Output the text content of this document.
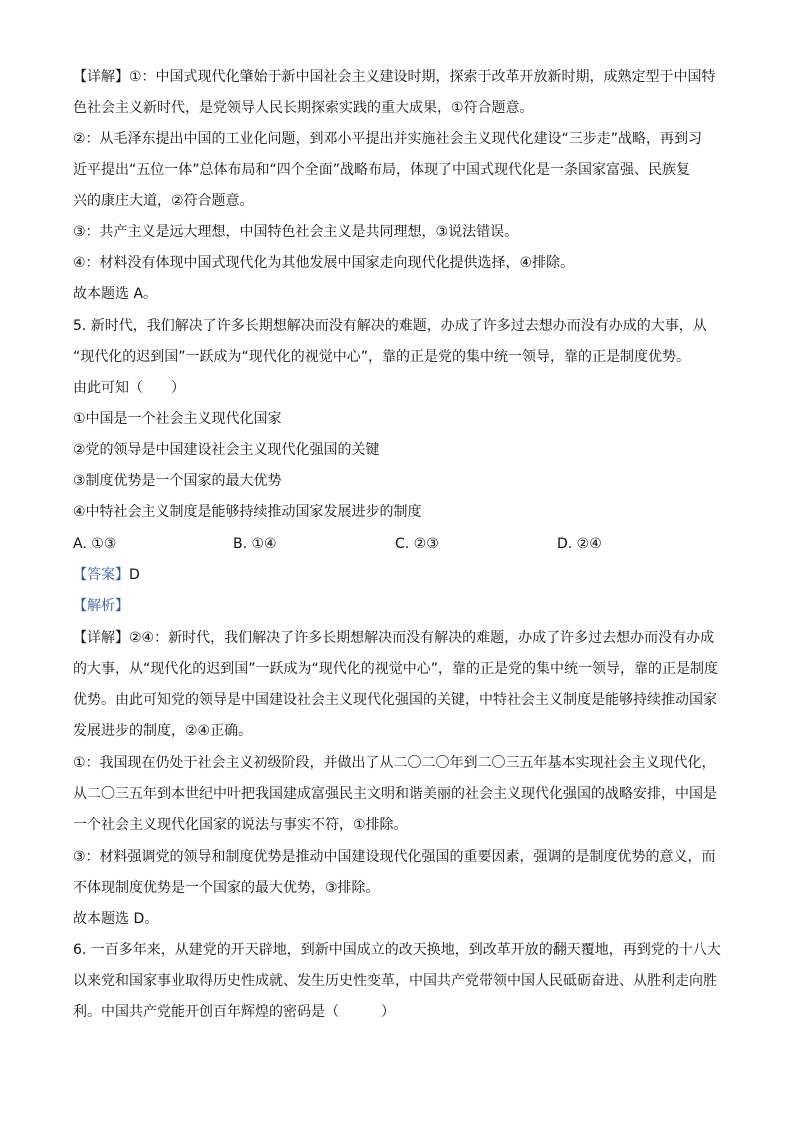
【详解】①：中国式现代化肇始于新中国社会主义建设时期，探索于改革开放新时期，成熟定型于中国特
色社会主义新时代，是党领导人民长期探索实践的重大成果，①符合题意。
②：从毛泽东提出中国的工业化问题，到邓小平提出并实施社会主义现代化建设“三步走”战略，再到习
近平提出“五位一体”总体布局和“四个全面”战略布局，体现了中国式现代化是一条国家富强、民族复
兴的康庄大道，②符合题意。
③：共产主义是远大理想，中国特色社会主义是共同理想，③说法错误。
④：材料没有体现中国式现代化为其他发展中国家走向现代化提供选择，④排除。
故本题选 A。
5. 新时代，我们解决了许多长期想解决而没有解决的难题，办成了许多过去想办而没有办成的大事，从
“现代化的迟到国”一跃成为“现代化的视觉中心”，靠的正是党的集中统一领导，靠的正是制度优势。
由此可知（　　）
①中国是一个社会主义现代化国家
②党的领导是中国建设社会主义现代化强国的关键
③制度优势是一个国家的最大优势
④中特社会主义制度是能够持续推动国家发展进步的制度
A. ①③	B. ①④	C. ②③	D. ②④
【答案】D
【解析】
【详解】②④：新时代，我们解决了许多长期想解决而没有解决的难题，办成了许多过去想办而没有办成
的大事，从“现代化的迟到国”一跃成为“现代化的视觉中心”，靠的正是党的集中统一领导，靠的正是制度
优势。由此可知党的领导是中国建设社会主义现代化强国的关键，中特社会主义制度是能够持续推动国家
发展进步的制度，②④正确。
①：我国现在仍处于社会主义初级阶段，并做出了从二〇二〇年到二〇三五年基本实现社会主义现代化，
从二〇三五年到本世纪中叶把我国建成富强民主文明和谐美丽的社会主义现代化强国的战略安排，中国是
一个社会主义现代化国家的说法与事实不符，①排除。
③：材料强调党的领导和制度优势是推动中国建设现代化强国的重要因素，强调的是制度优势的意义，而
不体现制度优势是一个国家的最大优势，③排除。
故本题选 D。
6. 一百多年来，从建党的开天辟地，到新中国成立的改天换地，到改革开放的翻天覆地，再到党的十八大
以来党和国家事业取得历史性成就、发生历史性变革，中国共产党带领中国人民砥砺奋进、从胜利走向胜
利。中国共产党能开创百年辉煌的密码是（　　　）
